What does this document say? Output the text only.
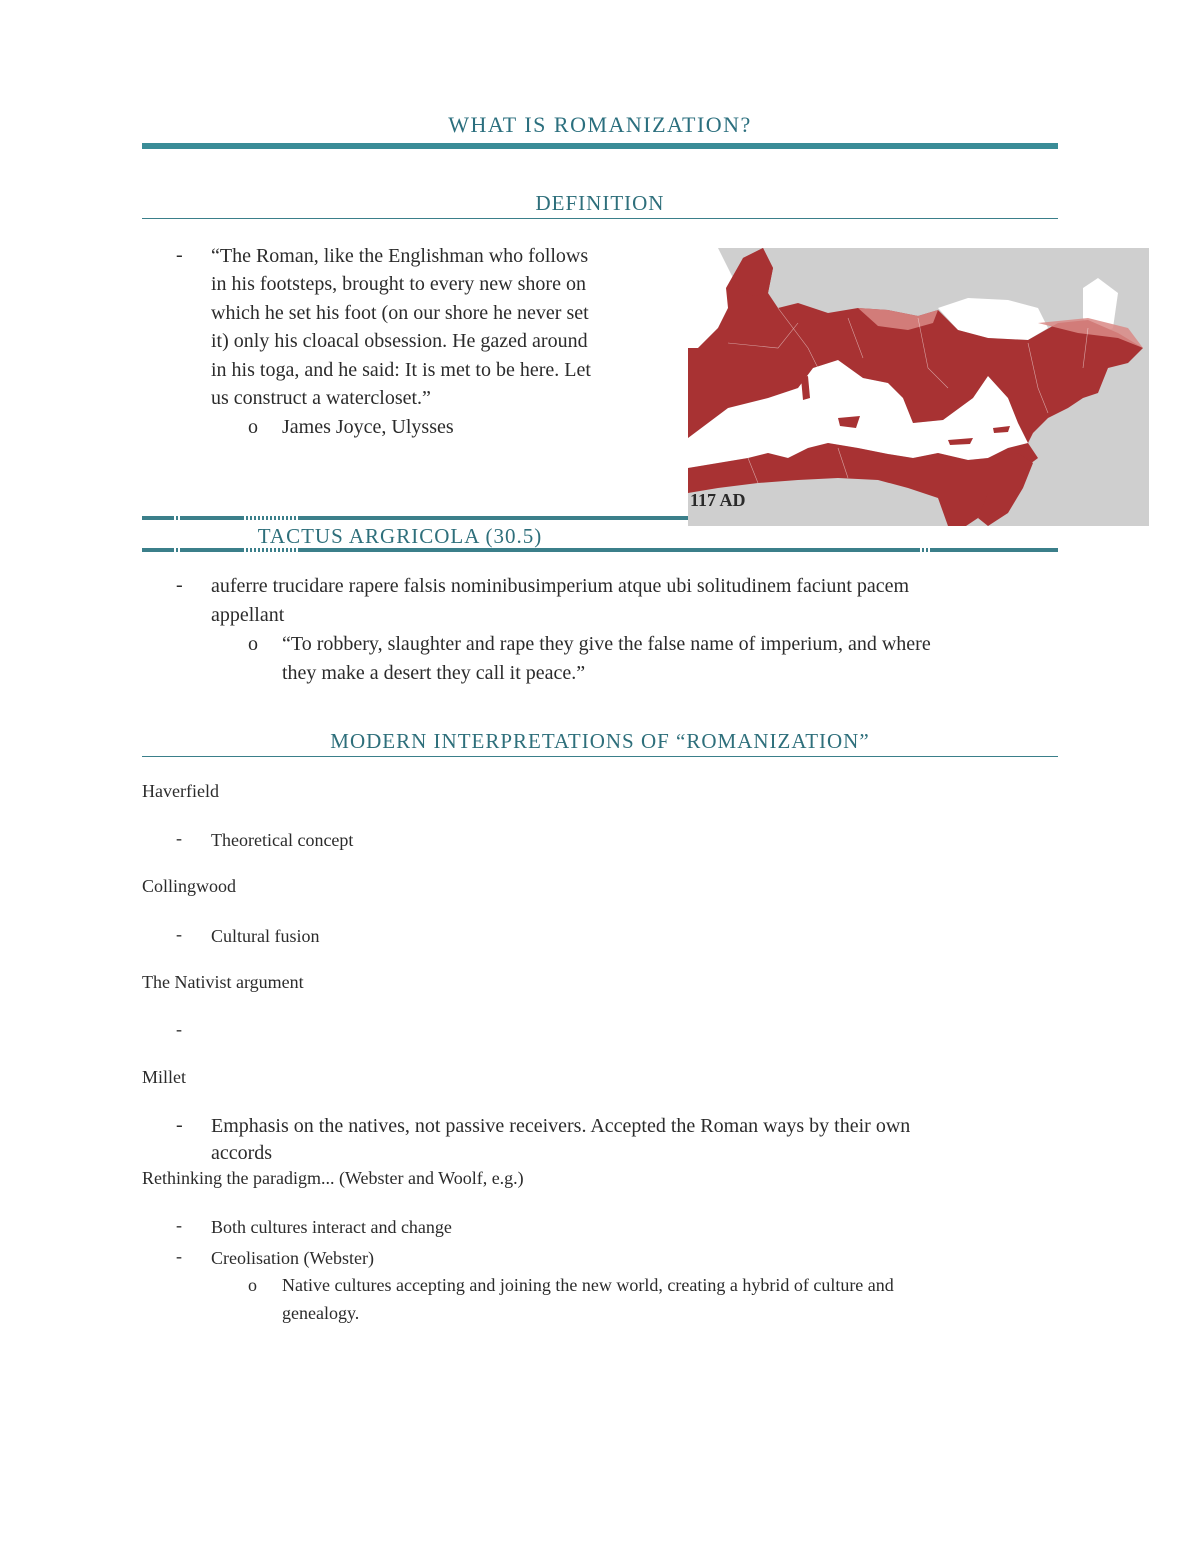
WHAT IS ROMANIZATION?
DEFINITION
- “The Roman, like the Englishman who follows
in his footsteps, brought to every new shore on
which he set his foot (on our shore he never set
it) only his cloacal obsession. He gazed around
in his toga, and he said: It is met to be here. Let
us construct a watercloset.”
o James Joyce, Ulysses
117 AD
TACTUS ARGRICOLA (30.5)
- auferre trucidare rapere falsis nominibusimperium atque ubi solitudinem faciunt pacem
appellant
o “To robbery, slaughter and rape they give the false name of imperium, and where
they make a desert they call it peace.”
MODERN INTERPRETATIONS OF “ROMANIZATION”
Haverfield
- Theoretical concept
Collingwood
- Cultural fusion
The Nativist argument
-
Millet
- Emphasis on the natives, not passive receivers. Accepted the Roman ways by their own
accords
Rethinking the paradigm... (Webster and Woolf, e.g.)
- Both cultures interact and change
- Creolisation (Webster)
o Native cultures accepting and joining the new world, creating a hybrid of culture and
genealogy.
